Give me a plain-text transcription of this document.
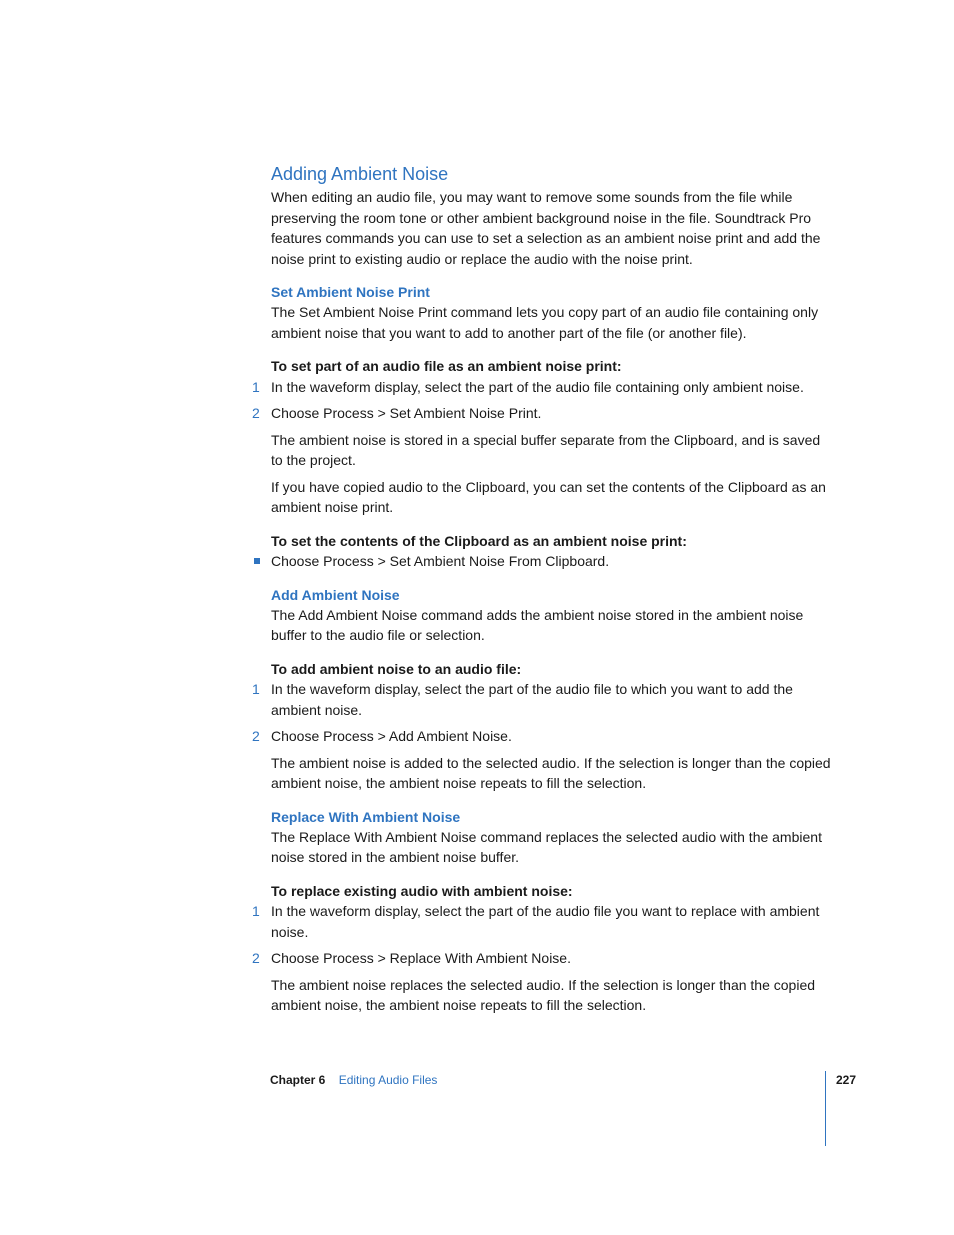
Adding Ambient Noise

When editing an audio file, you may want to remove some sounds from the file while preserving the room tone or other ambient background noise in the file. Soundtrack Pro features commands you can use to set a selection as an ambient noise print and add the noise print to existing audio or replace the audio with the noise print.

Set Ambient Noise Print

The Set Ambient Noise Print command lets you copy part of an audio file containing only ambient noise that you want to add to another part of the file (or another file).

To set part of an audio file as an ambient noise print:

1 In the waveform display, select the part of the audio file containing only ambient noise.

2 Choose Process > Set Ambient Noise Print.

The ambient noise is stored in a special buffer separate from the Clipboard, and is saved to the project.

If you have copied audio to the Clipboard, you can set the contents of the Clipboard as an ambient noise print.

To set the contents of the Clipboard as an ambient noise print:

Choose Process > Set Ambient Noise From Clipboard.

Add Ambient Noise

The Add Ambient Noise command adds the ambient noise stored in the ambient noise buffer to the audio file or selection.

To add ambient noise to an audio file:

1 In the waveform display, select the part of the audio file to which you want to add the ambient noise.

2 Choose Process > Add Ambient Noise.

The ambient noise is added to the selected audio. If the selection is longer than the copied ambient noise, the ambient noise repeats to fill the selection.

Replace With Ambient Noise

The Replace With Ambient Noise command replaces the selected audio with the ambient noise stored in the ambient noise buffer.

To replace existing audio with ambient noise:

1 In the waveform display, select the part of the audio file you want to replace with ambient noise.

2 Choose Process > Replace With Ambient Noise.

The ambient noise replaces the selected audio. If the selection is longer than the copied ambient noise, the ambient noise repeats to fill the selection.

Chapter 6 Editing Audio Files	227
